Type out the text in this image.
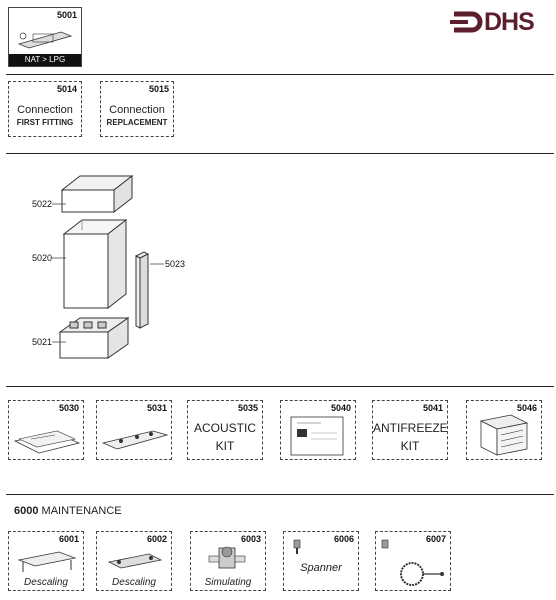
DHS
5001
NAT > LPG
5014
Connection
FIRST FITTING
5015
Connection
REPLACEMENT
5022
5020
5023
5021
5030	5031	5035
ACOUSTIC
KIT
5040	5041
ANTIFREEZE
KIT
5046
6000 MAINTENANCE
6001
Descaling
6002
Descaling
6003
Simulating
6006
Spanner
6007
